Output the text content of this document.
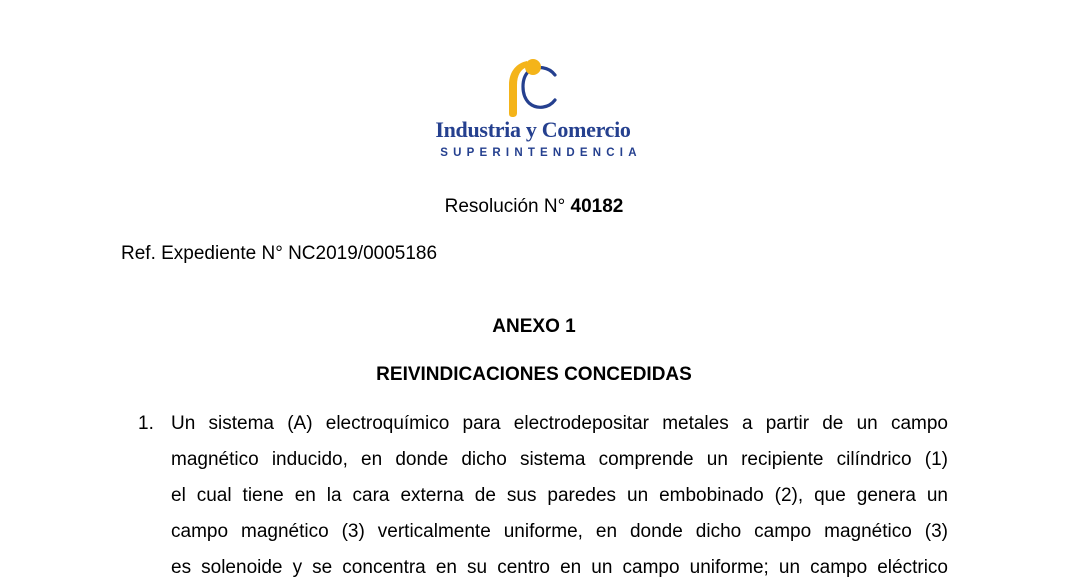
Industria y Comercio
SUPERINTENDENCIA
Resolución N° 40182
Ref. Expediente N° NC2019/0005186
ANEXO 1
REIVINDICACIONES CONCEDIDAS
1. Un sistema (A) electroquímico para electrodepositar metales a partir de un campo
magnético inducido, en donde dicho sistema comprende un recipiente cilíndrico (1)
el cual tiene en la cara externa de sus paredes un embobinado (2), que genera un
campo magnético (3) verticalmente uniforme, en donde dicho campo magnético (3)
es solenoide y se concentra en su centro en un campo uniforme; un campo eléctrico
